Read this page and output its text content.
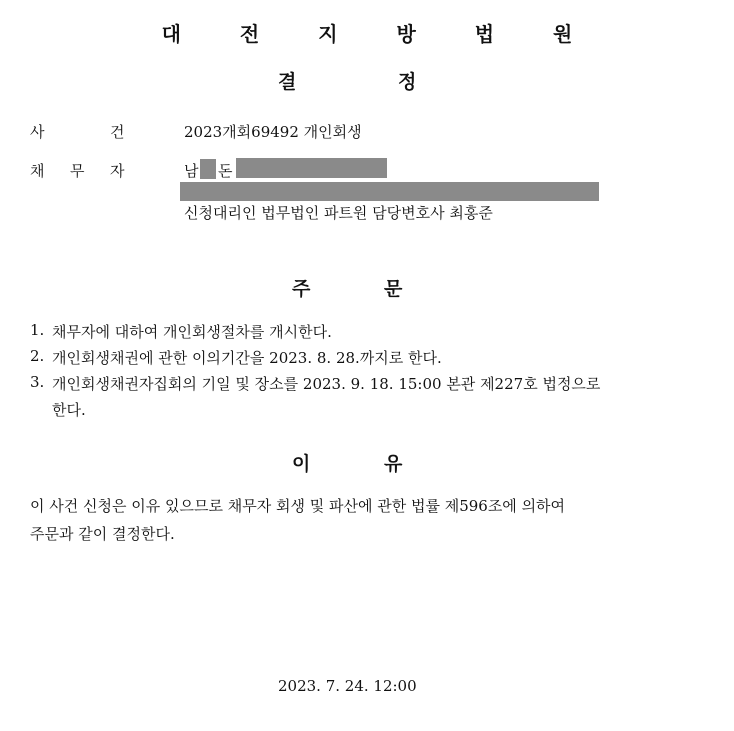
대 전 지 방 법 원
결	정
사	건	2023개회69492 개인회생
채 무 자	남 돈
신청대리인 법무법인 파트원 담당변호사 최홍준
주	문
1. 채무자에 대하여 개인회생절차를 개시한다.
2. 개인회생채권에 관한 이의기간을 2023. 8. 28.까지로 한다.
3. 개인회생채권자집회의 기일 및 장소를 2023. 9. 18. 15:00 본관 제227호 법정으로
한다.
이	유
이 사건 신청은 이유 있으므로 채무자 회생 및 파산에 관한 법률 제596조에 의하여
주문과 같이 결정한다.
2023. 7. 24. 12:00
